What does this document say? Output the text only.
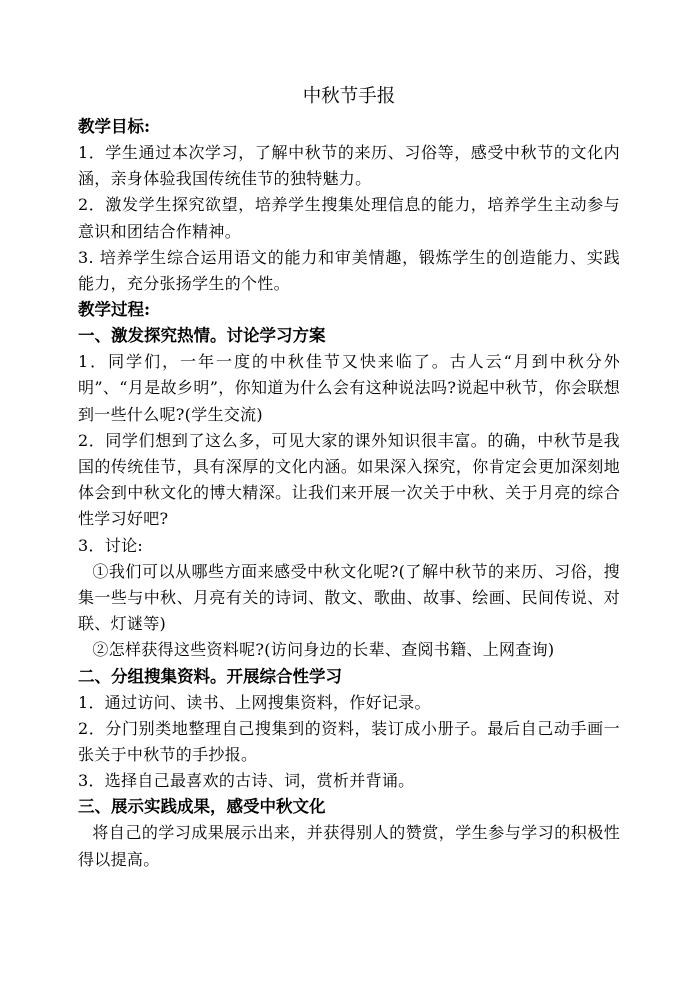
中秋节手报

教学目标:

1．学生通过本次学习，了解中秋节的来历、习俗等，感受中秋节的文化内涵，亲身体验我国传统佳节的独特魅力。

2．激发学生探究欲望，培养学生搜集处理信息的能力，培养学生主动参与意识和团结合作精神。

3. 培养学生综合运用语文的能力和审美情趣，锻炼学生的创造能力、实践能力，充分张扬学生的个性。

教学过程:

一、激发探究热情。讨论学习方案

1．同学们，一年一度的中秋佳节又快来临了。古人云“月到中秋分外明”、“月是故乡明”，你知道为什么会有这种说法吗?说起中秋节，你会联想到一些什么呢?(学生交流)

2．同学们想到了这么多，可见大家的课外知识很丰富。的确，中秋节是我国的传统佳节，具有深厚的文化内涵。如果深入探究，你肯定会更加深刻地体会到中秋文化的博大精深。让我们来开展一次关于中秋、关于月亮的综合性学习好吧?

3．讨论:

①我们可以从哪些方面来感受中秋文化呢?(了解中秋节的来历、习俗，搜集一些与中秋、月亮有关的诗词、散文、歌曲、故事、绘画、民间传说、对联、灯谜等)

②怎样获得这些资料呢?(访问身边的长辈、查阅书籍、上网查询)

二、分组搜集资料。开展综合性学习

1．通过访问、读书、上网搜集资料，作好记录。

2．分门别类地整理自己搜集到的资料，装订成小册子。最后自己动手画一张关于中秋节的手抄报。

3．选择自己最喜欢的古诗、词，赏析并背诵。

三、展示实践成果，感受中秋文化

将自己的学习成果展示出来，并获得别人的赞赏，学生参与学习的积极性得以提高。
